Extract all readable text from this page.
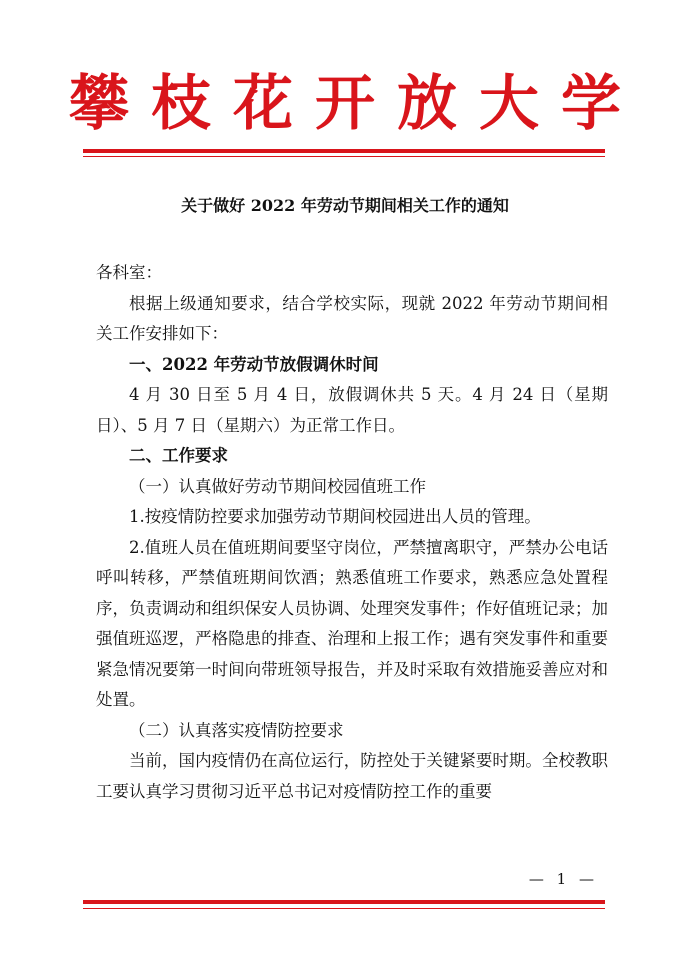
攀枝花开放大学
关于做好 2022 年劳动节期间相关工作的通知

各科室：

根据上级通知要求，结合学校实际，现就 2022 年劳动节期间相关工作安排如下：

一、2022 年劳动节放假调休时间

4 月 30 日至 5 月 4 日，放假调休共 5 天。4 月 24 日（星期日）、5 月 7 日（星期六）为正常工作日。

二、工作要求

（一）认真做好劳动节期间校园值班工作

1.按疫情防控要求加强劳动节期间校园进出人员的管理。

2.值班人员在值班期间要坚守岗位，严禁擅离职守，严禁办公电话呼叫转移，严禁值班期间饮酒；熟悉值班工作要求，熟悉应急处置程序，负责调动和组织保安人员协调、处理突发事件；作好值班记录；加强值班巡逻，严格隐患的排查、治理和上报工作；遇有突发事件和重要紧急情况要第一时间向带班领导报告，并及时采取有效措施妥善应对和处置。

（二）认真落实疫情防控要求

当前，国内疫情仍在高位运行，防控处于关键紧要时期。全校教职工要认真学习贯彻习近平总书记对疫情防控工作的重要

— 1 —
